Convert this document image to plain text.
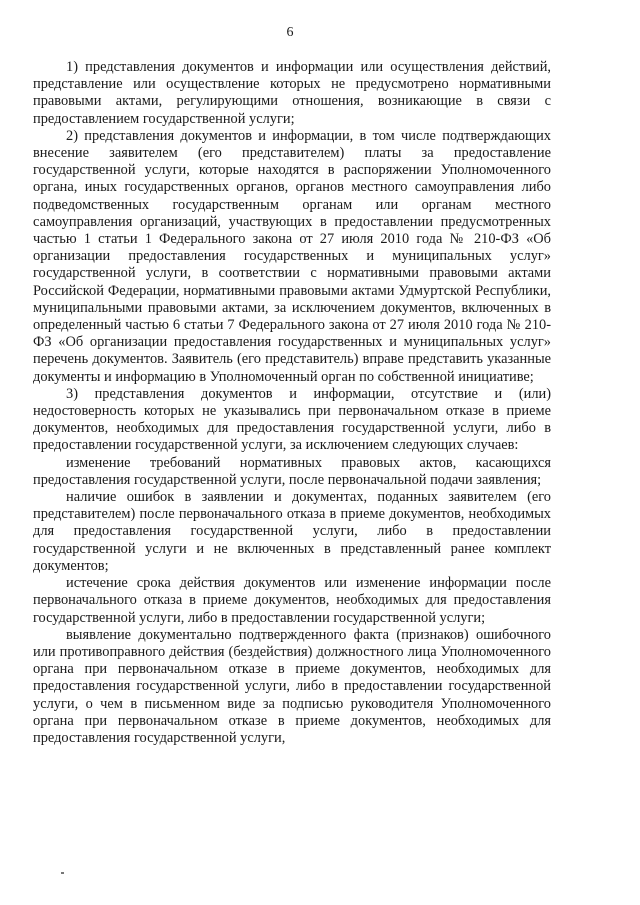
6

1) представления документов и информации или осуществления действий, представление или осуществление которых не предусмотрено нормативными правовыми актами, регулирующими отношения, возникающие в связи с предоставлением государственной услуги;

2) представления документов и информации, в том числе подтверждающих внесение заявителем (его представителем) платы за предоставление государственной услуги, которые находятся в распоряжении Уполномоченного органа, иных государственных органов, органов местного самоуправления либо подведомственных государственным органам или органам местного самоуправления организаций, участвующих в предоставлении предусмотренных частью 1 статьи 1 Федерального закона от 27 июля 2010 года № 210-ФЗ «Об организации предоставления государственных и муниципальных услуг» государственной услуги, в соответствии с нормативными правовыми актами Российской Федерации, нормативными правовыми актами Удмуртской Республики, муниципальными правовыми актами, за исключением документов, включенных в определенный частью 6 статьи 7 Федерального закона от 27 июля 2010 года № 210-ФЗ «Об организации предоставления государственных и муниципальных услуг» перечень документов. Заявитель (его представитель) вправе представить указанные документы и информацию в Уполномоченный орган по собственной инициативе;

3) представления документов и информации, отсутствие и (или) недостоверность которых не указывались при первоначальном отказе в приеме документов, необходимых для предоставления государственной услуги, либо в предоставлении государственной услуги, за исключением следующих случаев:

изменение требований нормативных правовых актов, касающихся предоставления государственной услуги, после первоначальной подачи заявления;

наличие ошибок в заявлении и документах, поданных заявителем (его представителем) после первоначального отказа в приеме документов, необходимых для предоставления государственной услуги, либо в предоставлении государственной услуги и не включенных в представленный ранее комплект документов;

истечение срока действия документов или изменение информации после первоначального отказа в приеме документов, необходимых для предоставления государственной услуги, либо в предоставлении государственной услуги;

выявление документально подтвержденного факта (признаков) ошибочного или противоправного действия (бездействия) должностного лица Уполномоченного органа при первоначальном отказе в приеме документов, необходимых для предоставления государственной услуги, либо в предоставлении государственной услуги, о чем в письменном виде за подписью руководителя Уполномоченного органа при первоначальном отказе в приеме документов, необходимых для предоставления государственной услуги,
